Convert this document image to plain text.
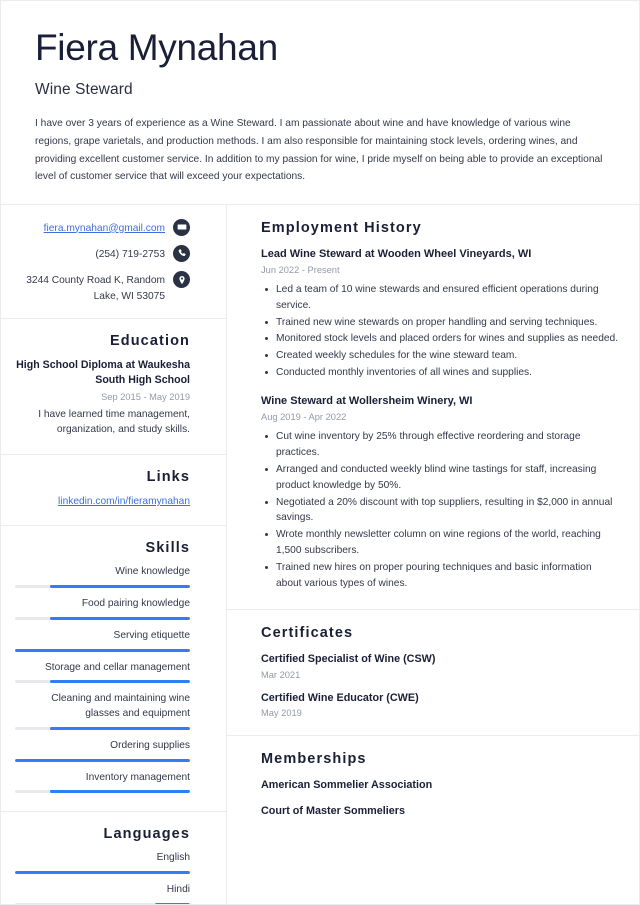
Fiera Mynahan
Wine Steward
I have over 3 years of experience as a Wine Steward. I am passionate about wine and have knowledge of various wine regions, grape varietals, and production methods. I am also responsible for maintaining stock levels, ordering wines, and providing excellent customer service. In addition to my passion for wine, I pride myself on being able to provide an exceptional level of customer service that will exceed your expectations.
fiera.mynahan@gmail.com
(254) 719-2753
3244 County Road K, Random Lake, WI 53075
Education
High School Diploma at Waukesha South High School
Sep 2015 - May 2019
I have learned time management, organization, and study skills.
Links
linkedin.com/in/fieramynahan
Skills
Wine knowledge
Food pairing knowledge
Serving etiquette
Storage and cellar management
Cleaning and maintaining wine glasses and equipment
Ordering supplies
Inventory management
Languages
English
Hindi
Employment History
Lead Wine Steward at Wooden Wheel Vineyards, WI
Jun 2022 - Present
Led a team of 10 wine stewards and ensured efficient operations during service.
Trained new wine stewards on proper handling and serving techniques.
Monitored stock levels and placed orders for wines and supplies as needed.
Created weekly schedules for the wine steward team.
Conducted monthly inventories of all wines and supplies.
Wine Steward at Wollersheim Winery, WI
Aug 2019 - Apr 2022
Cut wine inventory by 25% through effective reordering and storage practices.
Arranged and conducted weekly blind wine tastings for staff, increasing product knowledge by 50%.
Negotiated a 20% discount with top suppliers, resulting in $2,000 in annual savings.
Wrote monthly newsletter column on wine regions of the world, reaching 1,500 subscribers.
Trained new hires on proper pouring techniques and basic information about various types of wines.
Certificates
Certified Specialist of Wine (CSW)
Mar 2021
Certified Wine Educator (CWE)
May 2019
Memberships
American Sommelier Association
Court of Master Sommeliers
